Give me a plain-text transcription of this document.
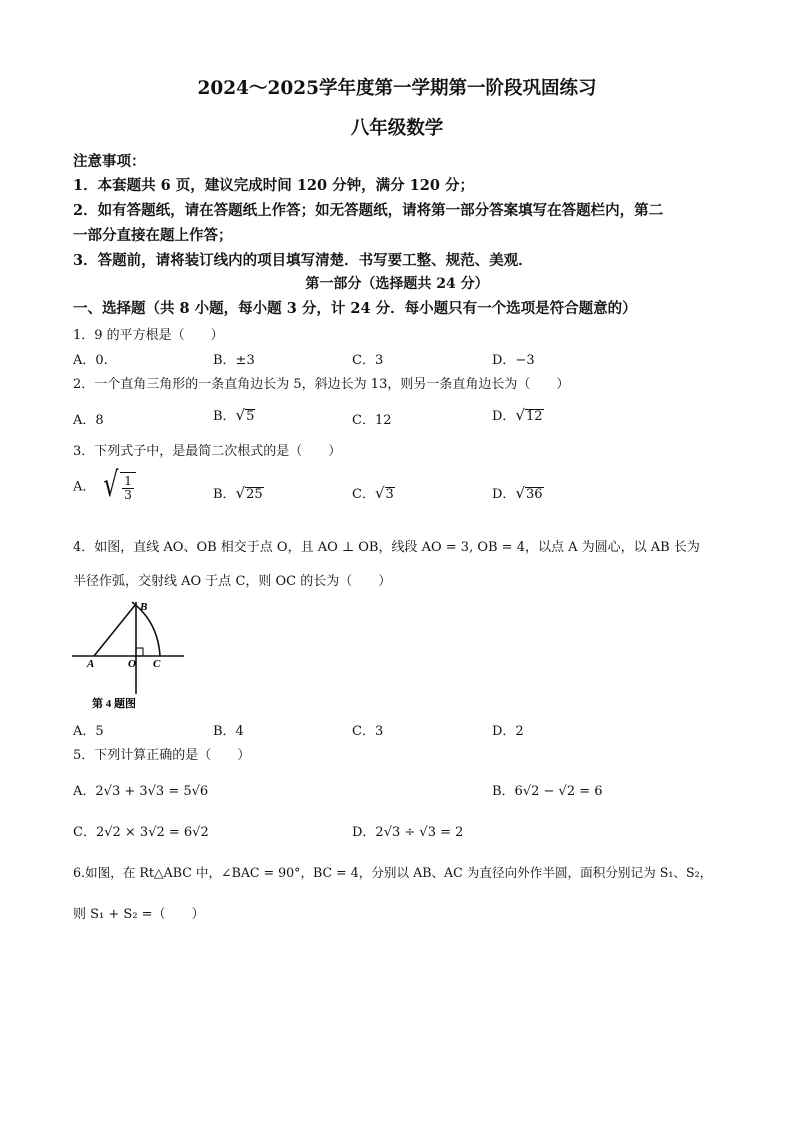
2024～2025学年度第一学期第一阶段巩固练习
八年级数学
注意事项：
1．本套题共 6 页，建议完成时间 120 分钟，满分 120 分；
2．如有答题纸，请在答题纸上作答；如无答题纸，请将第一部分答案填写在答题栏内，第二
一部分直接在题上作答；
3．答题前，请将装订线内的项目填写清楚．书写要工整、规范、美观．
第一部分（选择题共 24 分）
一、选择题（共 8 小题，每小题 3 分，计 24 分．每小题只有一个选项是符合题意的）
1．9 的平方根是（　　）
A．0.	B．±3	C．3	D．−3
2．一个直角三角形的一条直角边长为 5，斜边长为 13，则另一条直角边长为（　　）
A．8	B．√5	C．12	D．√12
3．下列式子中，是最简二次根式的是（　　）
A． √ $\frac{1}{3}$	B．√25	C．√3	D．√36
4．如图，直线 AO、OB 相交于点 O，且 AO ⊥ OB，线段 AO = 3, OB = 4，以点 A 为圆心，以 AB 长为
半径作弧，交射线 AO 于点 C，则 OC 的长为（　　）
B
A	O C
第 4 题图
A．5	B．4	C．3	D．2
5．下列计算正确的是（　　）
A．2√3 + 3√3 = 5√6	B．6√2 − √2 = 6
C．2√2 × 3√2 = 6√2	D．2√3 ÷ √3 = 2
6.如图，在 Rt△ABC 中，∠BAC = 90°，BC = 4，分别以 AB、AC 为直径向外作半圆，面积分别记为 S₁、S₂，
则 S₁ + S₂ =（　　）
